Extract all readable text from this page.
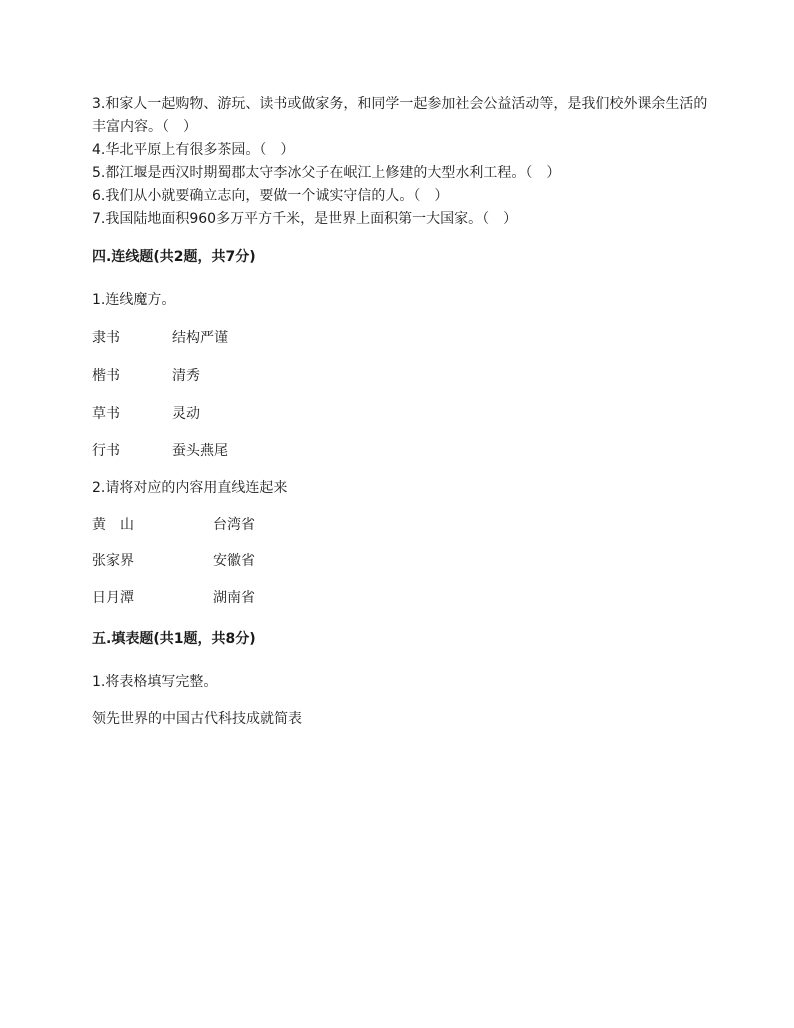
3.和家人一起购物、游玩、读书或做家务，和同学一起参加社会公益活动等，是我们校外课余生活的丰富内容。（　）

4.华北平原上有很多茶园。（　）

5.都江堰是西汉时期蜀郡太守李冰父子在岷江上修建的大型水利工程。（　）

6.我们从小就要确立志向，要做一个诚实守信的人。（　）

7.我国陆地面积960多万平方千米，是世界上面积第一大国家。（　）

四.连线题(共2题，共7分)
1.连线魔方。
隶书	结构严谨
楷书	清秀
草书	灵动
行书	蚕头燕尾
2.请将对应的内容用直线连起来
黄　山	台湾省
张家界	安徽省
日月潭	湖南省
五.填表题(共1题，共8分)
1.将表格填写完整。
领先世界的中国古代科技成就简表
